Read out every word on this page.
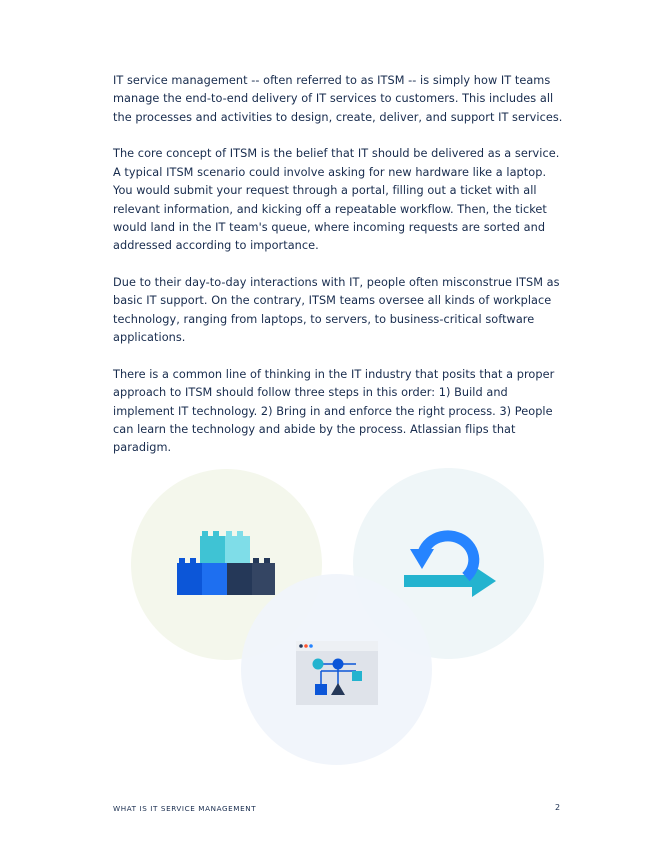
IT service management -- often referred to as ITSM -- is simply how IT teams manage the end-to-end delivery of IT services to customers. This includes all the processes and activities to design, create, deliver, and support IT services.

The core concept of ITSM is the belief that IT should be delivered as a service. A typical ITSM scenario could involve asking for new hardware like a laptop. You would submit your request through a portal, filling out a ticket with all relevant information, and kicking off a repeatable workflow. Then, the ticket would land in the IT team's queue, where incoming requests are sorted and addressed according to importance.

Due to their day-to-day interactions with IT, people often misconstrue ITSM as basic IT support. On the contrary, ITSM teams oversee all kinds of workplace technology, ranging from laptops, to servers, to business-critical software applications.

There is a common line of thinking in the IT industry that posits that a proper approach to ITSM should follow three steps in this order: 1) Build and implement IT technology. 2) Bring in and enforce the right process. 3) People can learn the technology and abide by the process. Atlassian flips that paradigm.

WHAT IS IT SERVICE MANAGEMENT	2
